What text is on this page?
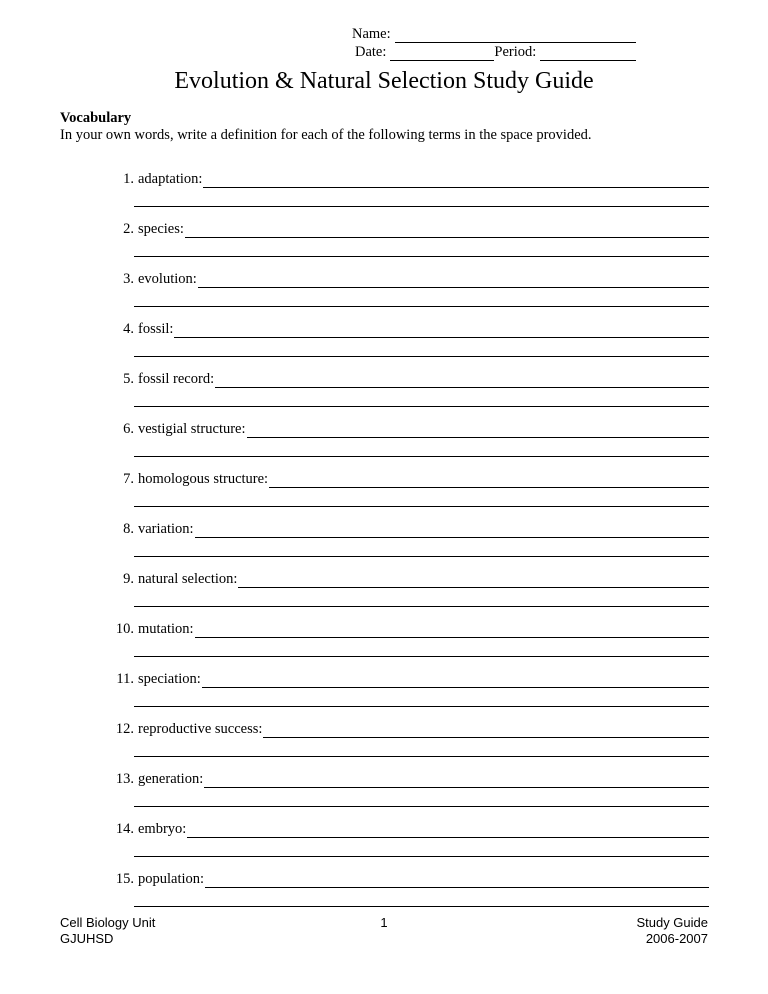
Name:
Date:	Period:
Evolution & Natural Selection Study Guide
Vocabulary
In your own words, write a definition for each of the following terms in the space provided.
1. adaptation:
2. species:
3. evolution:
4. fossil:
5. fossil record:
6. vestigial structure:
7. homologous structure:
8. variation:
9. natural selection:
10. mutation:
11. speciation:
12. reproductive success:
13. generation:
14. embryo:
15. population:
Cell Biology Unit
GJUHSD
1	Study Guide
2006-2007
